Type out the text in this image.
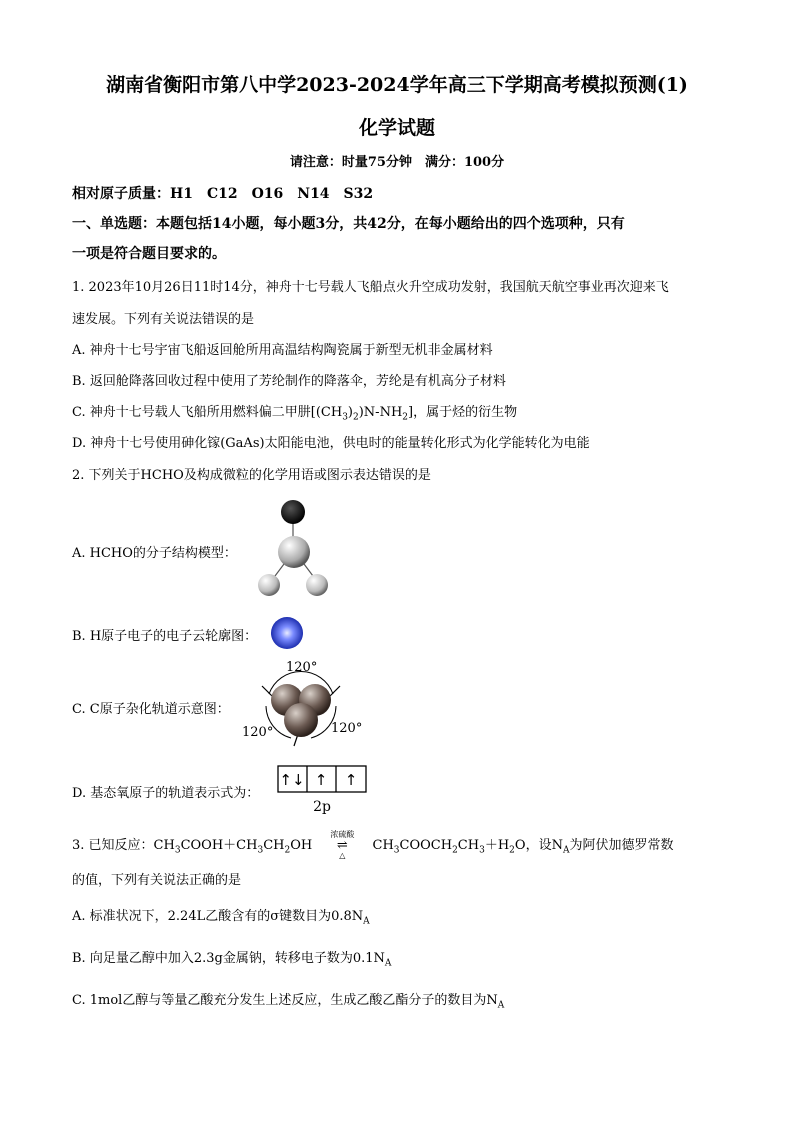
湖南省衡阳市第八中学2023-2024学年高三下学期高考模拟预测(1)
化学试题
请注意：时量75分钟　满分：100分
相对原子质量：H1　C12　O16　N14　S32
一、单选题：本题包括14小题，每小题3分，共42分，在每小题给出的四个选项种，只有
一项是符合题目要求的。
1. 2023年10月26日11时14分，神舟十七号载人飞船点火升空成功发射，我国航天航空事业再次迎来飞
速发展。下列有关说法错误的是
A. 神舟十七号宇宙飞船返回舱所用高温结构陶瓷属于新型无机非金属材料
B. 返回舱降落回收过程中使用了芳纶制作的降落伞，芳纶是有机高分子材料
C. 神舟十七号载人飞船所用燃料偏二甲肼$[(CH_3)_2)N-NH_2$]，属于烃的衍生物
D. 神舟十七号使用砷化镓(GaAs)太阳能电池，供电时的能量转化形式为化学能转化为电能
2. 下列关于HCHO及构成微粒的化学用语或图示表达错误的是
A. HCHO的分子结构模型：
B. H原子电子的电子云轮廓图：
C. C原子杂化轨道示意图：
120°
120°	120°
D. 基态氧原子的轨道表示式为：
↑↓ ↑ ↑
2p
3. 已知反应：$CH_3COOH+CH_3CH_2OH$
浓硫酸
⇌
△
$CH_3COOCH_2CH_3+H_2O$，设$N_A$为阿伏加德罗常数
的值，下列有关说法正确的是
A. 标准状况下，2.24L乙酸含有的σ键数目为$0.8N_A$
B. 向足量乙醇中加入2.3g金属钠，转移电子数为$0.1N_A$
C. 1mol乙醇与等量乙酸充分发生上述反应，生成乙酸乙酯分子的数目为$N_A$
